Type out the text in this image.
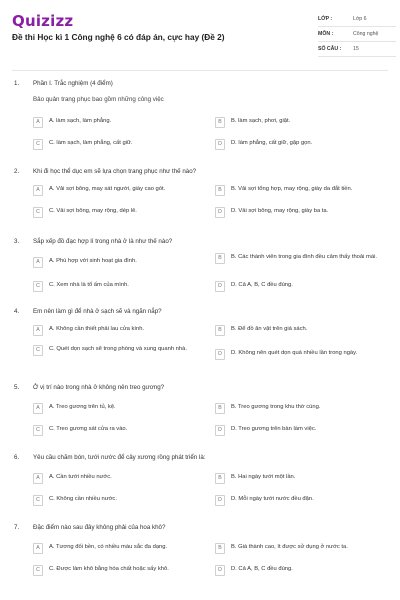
Quizizz
Đề thi Học kì 1 Công nghệ 6 có đáp án, cực hay (Đề 2)
LỚP :	Lớp 6
MÔN :	Công nghệ
SỐ CÂU : 15
1. Phần I. Trắc nghiệm (4 điểm)
Bảo quản trang phục bao gồm những công việc
A	A. làm sạch, làm phẳng.	B	B. làm sạch, phơi, giặt.
C	C. làm sạch, làm phẳng, cất giữ.	D	D. làm phẳng, cất giữ, gập gọn.
2. Khi đi học thể dục em sẽ lựa chọn trang phục như thế nào?
A	A. Vải sợi bông, may sát người, giày cao gót.	B	B. Vải sợi tổng hợp, may rộng, giày da đắt tiền.
C	C. Vải sợi bông, may rộng, dép lê.	D	D. Vải sợi bông, may rộng, giày ba ta.
3. Sắp xếp đồ đạc hợp lí trong nhà ở là như thế nào?
A	A. Phù hợp với sinh hoạt gia đình.	B	B. Các thành viên trong gia đình đều cảm thấy thoải mái.
C	C. Xem nhà là tổ ấm của mình.	D	D. Cả A, B, C đều đúng.
4. Em nên làm gì để nhà ở sạch sẽ và ngăn nắp?
A	A. Không cần thiết phải lau cửa kính.	B	B. Để đồ ăn vặt trên giá sách.
C	C. Quét dọn sạch sẽ trong phòng và xung quanh nhà.
D	D. Không nên quét dọn quá nhiều lần trong ngày.
5. Ở vị trí nào trong nhà ở không nên treo gương?
A	A. Treo gương trên tủ, kệ.	B	B. Treo gương trong khu thờ cúng.
C	C. Treo gương sát cửa ra vào.	D	D. Treo gương trên bàn làm việc.
6. Yêu cầu chăm bón, tưới nước để cây xương rồng phát triển là:
A	A. Cần tưới nhiều nước.	B	B. Hai ngày tưới một lần.
C	C. Không cần nhiều nước.	D	D. Mỗi ngày tưới nước đều đặn.
7. Đặc điểm nào sau đây không phải của hoa khô?
A	A. Tương đối bền, có nhiều màu sắc đa dạng.	B	B. Giá thành cao, ít được sử dụng ở nước ta.
C	C. Được làm khô bằng hóa chất hoặc sấy khô.	D	D. Cả A, B, C đều đúng.
